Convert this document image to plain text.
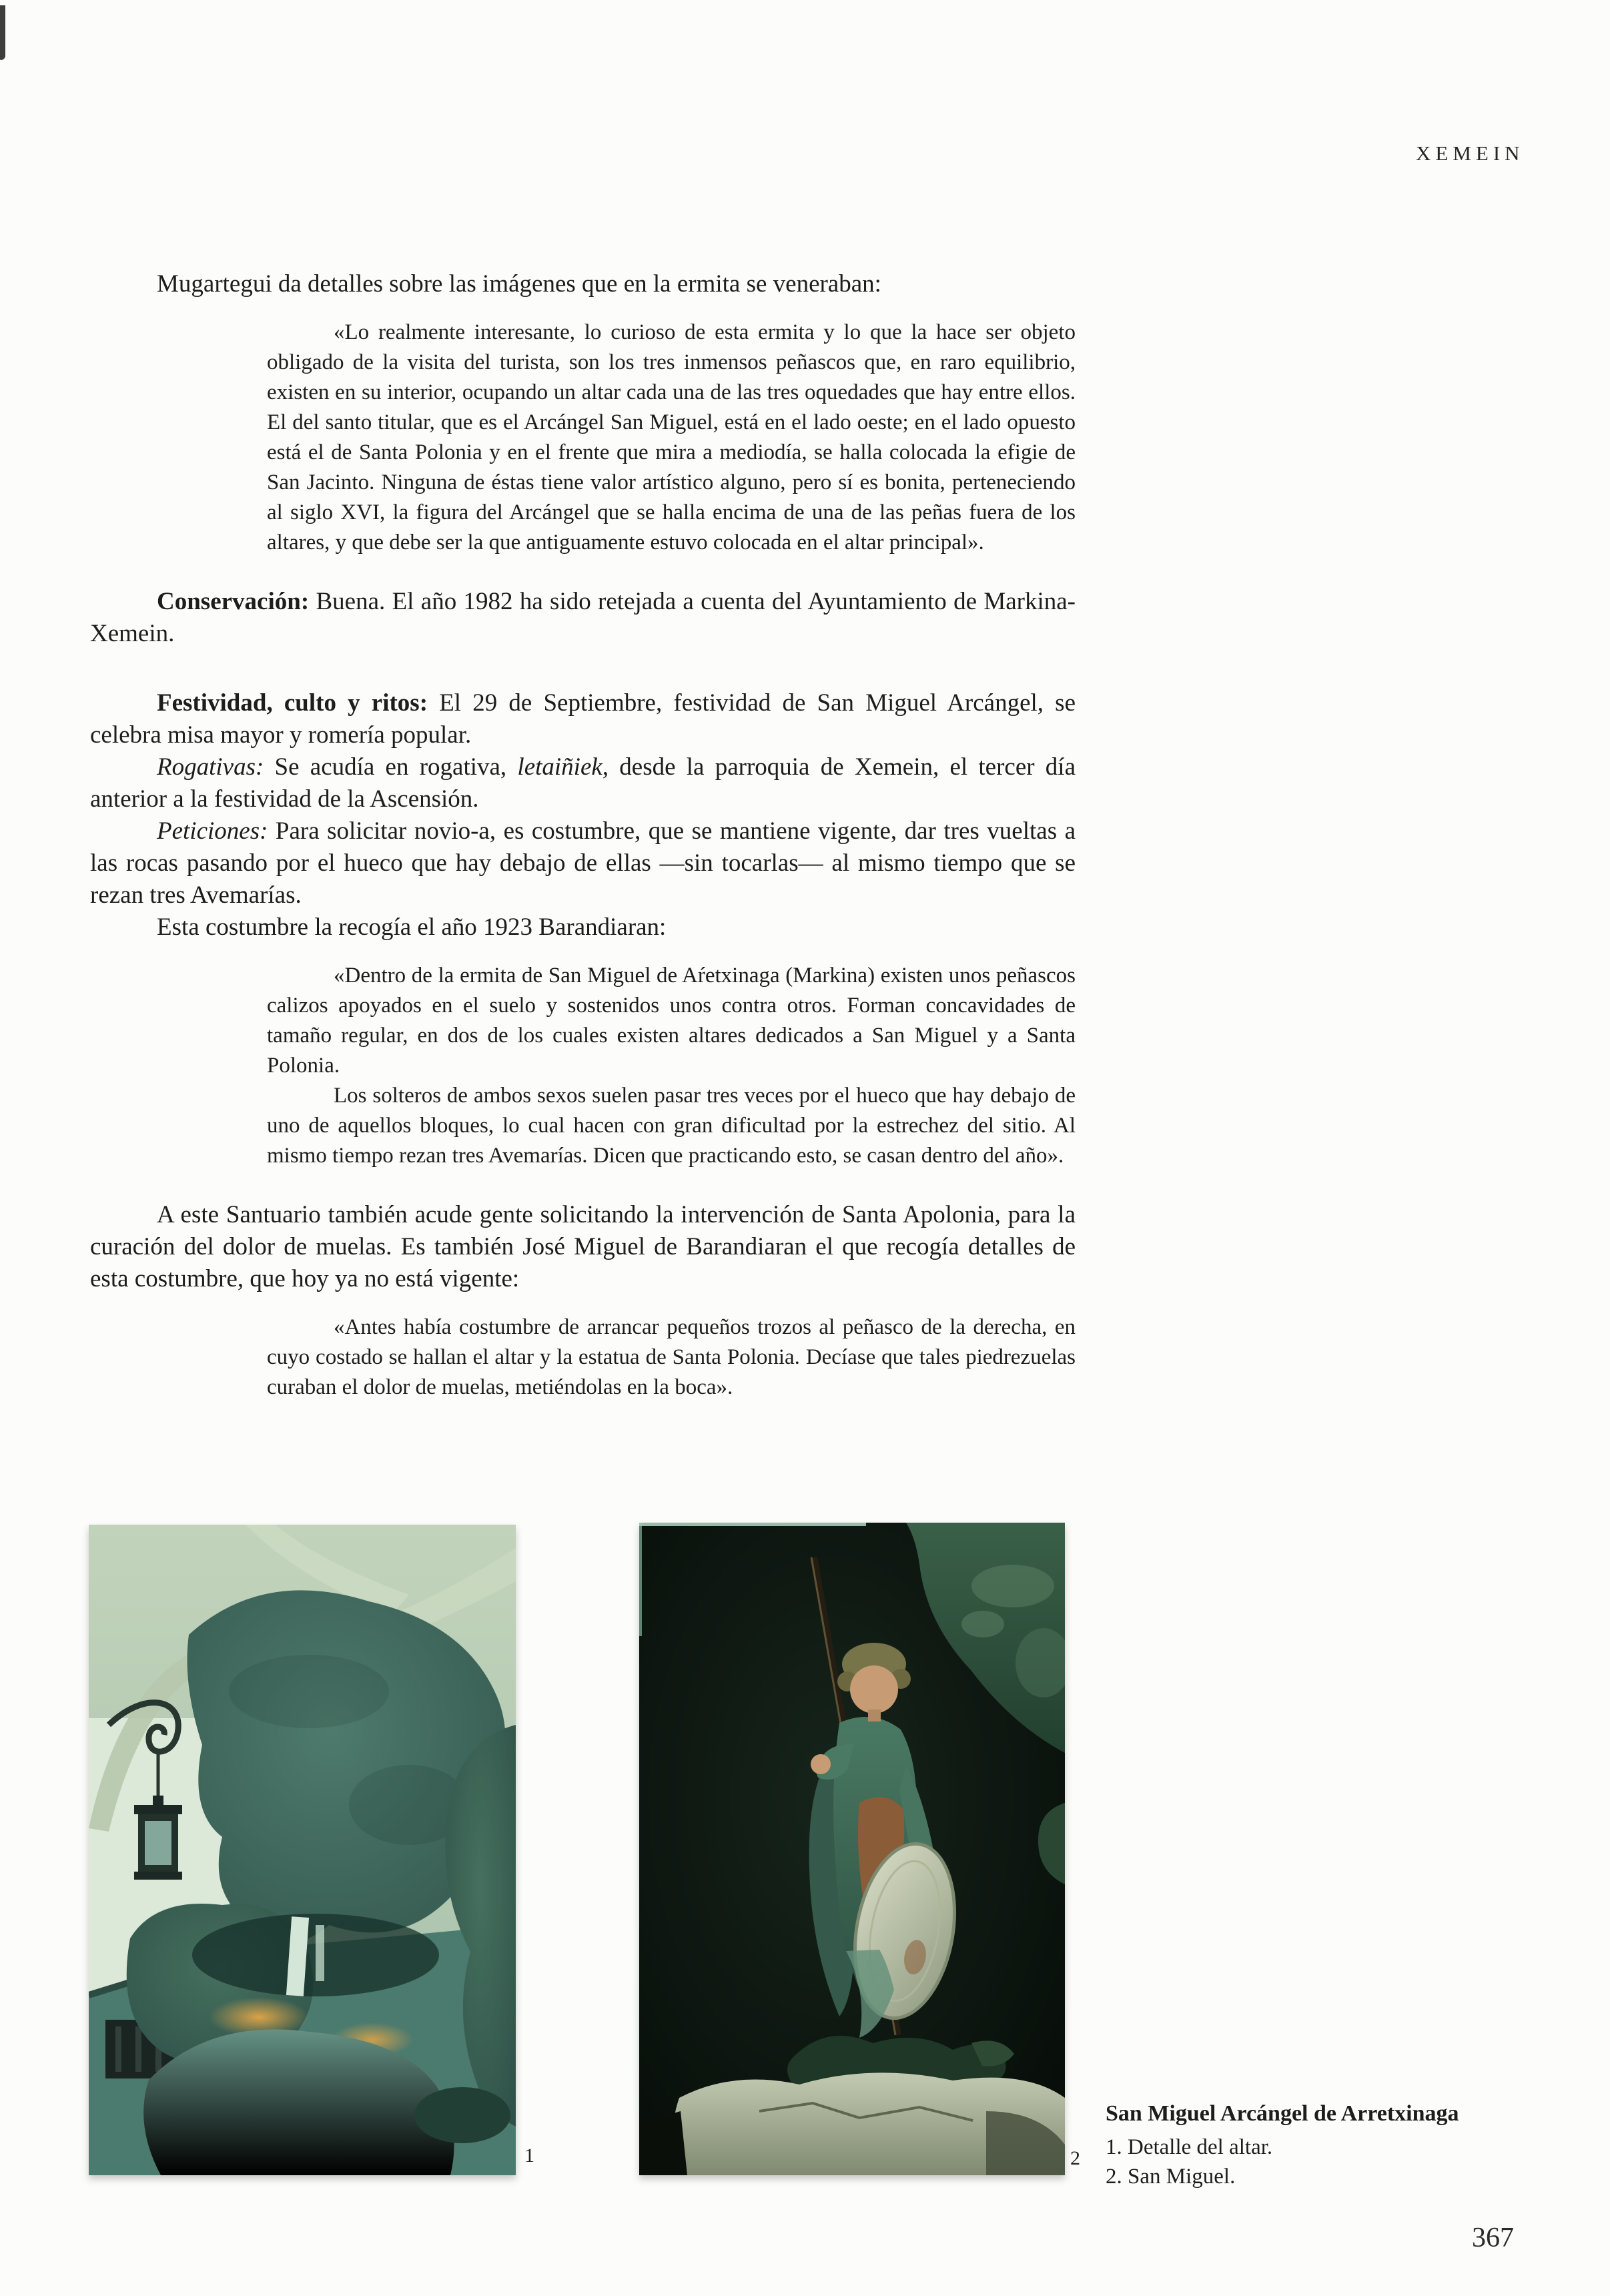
XEMEIN

Mugartegui da detalles sobre las imágenes que en la ermita se veneraban:

«Lo realmente interesante, lo curioso de esta ermita y lo que la hace ser objeto obligado de la visita del turista, son los tres inmensos peñascos que, en raro equilibrio, existen en su interior, ocupando un altar cada una de las tres oquedades que hay entre ellos. El del santo titular, que es el Arcángel San Miguel, está en el lado oeste; en el lado opuesto está el de Santa Polonia y en el frente que mira a mediodía, se halla colocada la efigie de San Jacinto. Ninguna de éstas tiene valor artístico alguno, pero sí es bonita, perteneciendo al siglo XVI, la figura del Arcángel que se halla encima de una de las peñas fuera de los altares, y que debe ser la que antiguamente estuvo colocada en el altar principal».

Conservación: Buena. El año 1982 ha sido retejada a cuenta del Ayuntamiento de Markina-Xemein.

Festividad, culto y ritos: El 29 de Septiembre, festividad de San Miguel Arcángel, se celebra misa mayor y romería popular.

Rogativas: Se acudía en rogativa, letaiñiek, desde la parroquia de Xemein, el tercer día anterior a la festividad de la Ascensión.

Peticiones: Para solicitar novio-a, es costumbre, que se mantiene vigente, dar tres vueltas a las rocas pasando por el hueco que hay debajo de ellas —sin tocarlas— al mismo tiempo que se rezan tres Avemarías.

Esta costumbre la recogía el año 1923 Barandiaran:

«Dentro de la ermita de San Miguel de Aŕetxinaga (Markina) existen unos peñascos calizos apoyados en el suelo y sostenidos unos contra otros. Forman concavidades de tamaño regular, en dos de los cuales existen altares dedicados a San Miguel y a Santa Polonia.

Los solteros de ambos sexos suelen pasar tres veces por el hueco que hay debajo de uno de aquellos bloques, lo cual hacen con gran dificultad por la estrechez del sitio. Al mismo tiempo rezan tres Avemarías. Dicen que practicando esto, se casan dentro del año».

A este Santuario también acude gente solicitando la intervención de Santa Apolonia, para la curación del dolor de muelas. Es también José Miguel de Barandiaran el que recogía detalles de esta costumbre, que hoy ya no está vigente:

«Antes había costumbre de arrancar pequeños trozos al peñasco de la derecha, en cuyo costado se hallan el altar y la estatua de Santa Polonia. Decíase que tales piedrezuelas curaban el dolor de muelas, metiéndolas en la boca».

1	2

San Miguel Arcángel de Arretxinaga

1. Detalle del altar.

2. San Miguel.

367
